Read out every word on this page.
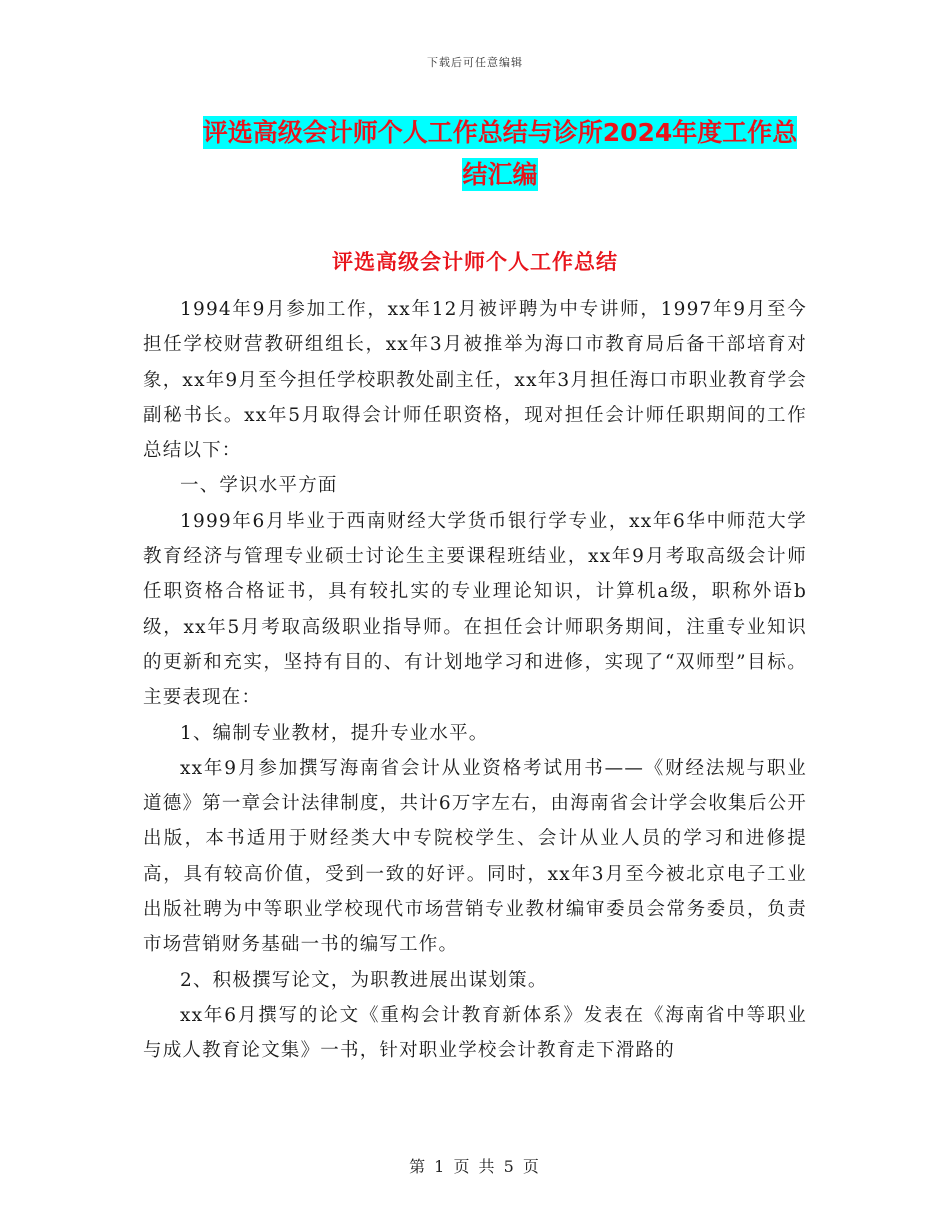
下载后可任意编辑
评选高级会计师个人工作总结与诊所2024年度工作总
结汇编
评选高级会计师个人工作总结

1994年9月参加工作，xx年12月被评聘为中专讲师，1997年9月至今担任学校财营教研组组长，xx年3月被推举为海口市教育局后备干部培育对象，xx年9月至今担任学校职教处副主任，xx年3月担任海口市职业教育学会副秘书长。xx年5月取得会计师任职资格，现对担任会计师任职期间的工作总结以下：

一、学识水平方面

1999年6月毕业于西南财经大学货币银行学专业，xx年6华中师范大学教育经济与管理专业硕士讨论生主要课程班结业，xx年9月考取高级会计师任职资格合格证书，具有较扎实的专业理论知识，计算机a级，职称外语b级，xx年5月考取高级职业指导师。在担任会计师职务期间，注重专业知识的更新和充实，坚持有目的、有计划地学习和进修，实现了“双师型”目标。主要表现在：

1、编制专业教材，提升专业水平。

xx年9月参加撰写海南省会计从业资格考试用书——《财经法规与职业道德》第一章会计法律制度，共计6万字左右，由海南省会计学会收集后公开出版，本书适用于财经类大中专院校学生、会计从业人员的学习和进修提高，具有较高价值，受到一致的好评。同时，xx年3月至今被北京电子工业出版社聘为中等职业学校现代市场营销专业教材编审委员会常务委员，负责市场营销财务基础一书的编写工作。

2、积极撰写论文，为职教进展出谋划策。

xx年6月撰写的论文《重构会计教育新体系》发表在《海南省中等职业与成人教育论文集》一书，针对职业学校会计教育走下滑路的

第 1 页 共 5 页
